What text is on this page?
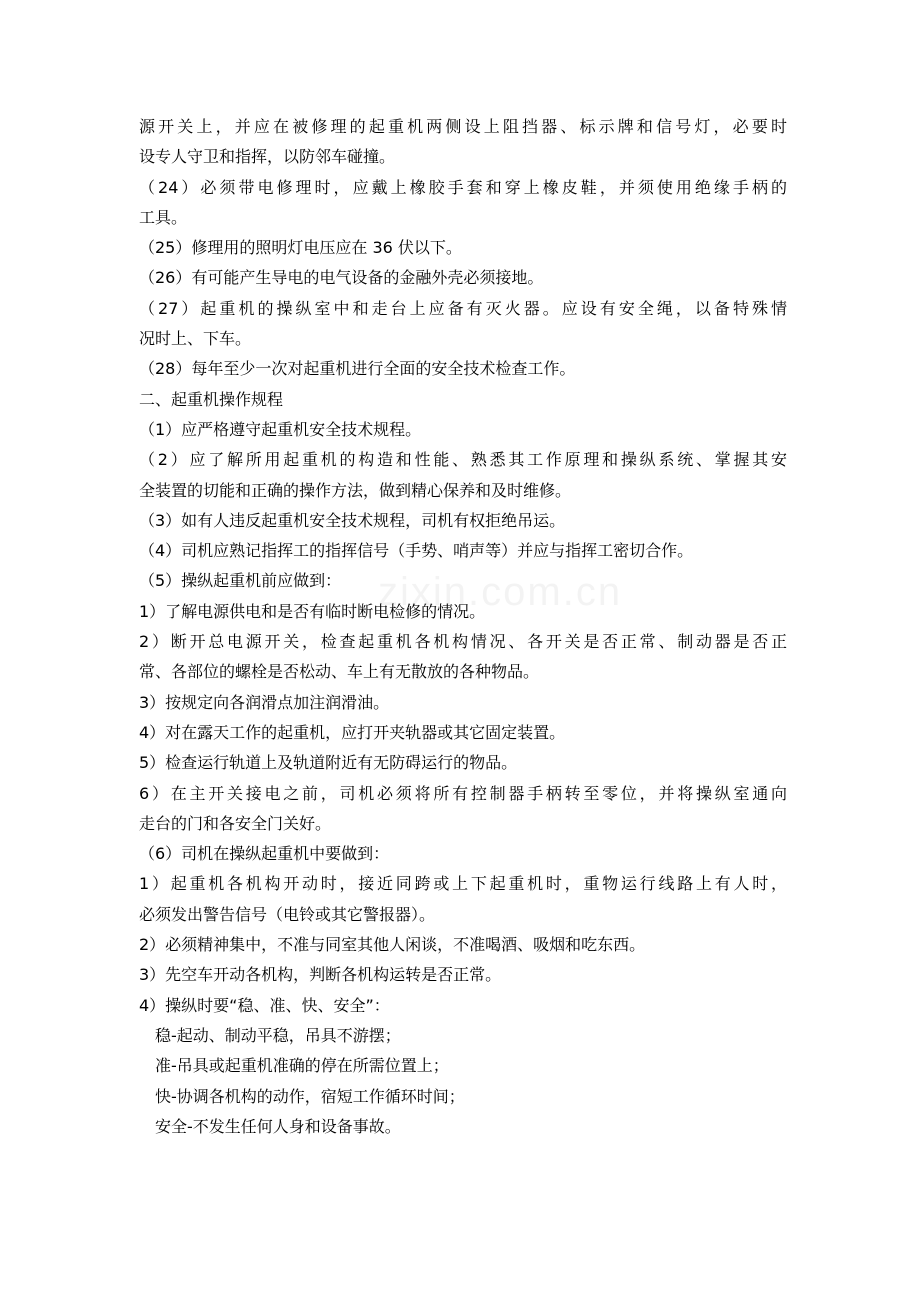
源开关上，并应在被修理的起重机两侧设上阻挡器、标示牌和信号灯，必要时

设专人守卫和指挥，以防邻车碰撞。

（24）必须带电修理时，应戴上橡胶手套和穿上橡皮鞋，并须使用绝缘手柄的

工具。

（25）修理用的照明灯电压应在 36 伏以下。

（26）有可能产生导电的电气设备的金融外壳必须接地。

（27）起重机的操纵室中和走台上应备有灭火器。应设有安全绳，以备特殊情

况时上、下车。

（28）每年至少一次对起重机进行全面的安全技术检查工作。

二、起重机操作规程

（1）应严格遵守起重机安全技术规程。

（2）应了解所用起重机的构造和性能、熟悉其工作原理和操纵系统、掌握其安

全装置的切能和正确的操作方法，做到精心保养和及时维修。

（3）如有人违反起重机安全技术规程，司机有权拒绝吊运。

（4）司机应熟记指挥工的指挥信号（手势、哨声等）并应与指挥工密切合作。

（5）操纵起重机前应做到：

1）了解电源供电和是否有临时断电检修的情况。

2）断开总电源开关，检查起重机各机构情况、各开关是否正常、制动器是否正

常、各部位的螺栓是否松动、车上有无散放的各种物品。

3）按规定向各润滑点加注润滑油。

4）对在露天工作的起重机，应打开夹轨器或其它固定装置。

5）检查运行轨道上及轨道附近有无防碍运行的物品。

6）在主开关接电之前，司机必须将所有控制器手柄转至零位，并将操纵室通向

走台的门和各安全门关好。

（6）司机在操纵起重机中要做到：

1）起重机各机构开动时，接近同跨或上下起重机时，重物运行线路上有人时，

必须发出警告信号（电铃或其它警报器）。

2）必须精神集中，不准与同室其他人闲谈，不准喝酒、吸烟和吃东西。

3）先空车开动各机构，判断各机构运转是否正常。

4）操纵时要“稳、准、快、安全”：

稳-起动、制动平稳，吊具不游摆；

准-吊具或起重机准确的停在所需位置上；

快-协调各机构的动作，宿短工作循环时间；

安全-不发生任何人身和设备事故。
